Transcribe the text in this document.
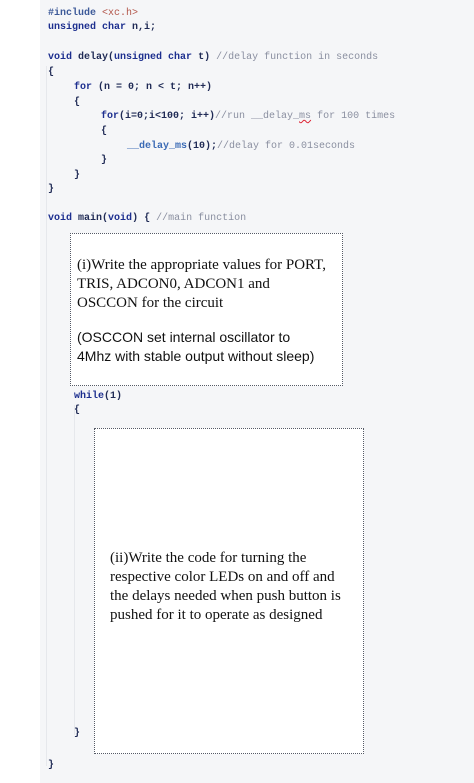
#include <xc.h>
unsigned char n,i;
void delay(unsigned char t) //delay function in seconds
{
for (n = 0; n < t; n++)
{
for(i=0;i<100; i++)//run __delay_ms for 100 times
{
__delay_ms(10);//delay for 0.01seconds
}
}
}
void main(void) { //main function
(i)Write the appropriate values for PORT,
TRIS, ADCON0, ADCON1 and
OSCCON for the circuit
(OSCCON set internal oscillator to
4Mhz with stable output without sleep)
while(1)
{
(ii)Write the code for turning the
respective color LEDs on and off and
the delays needed when push button is
pushed for it to operate as designed
}
}
